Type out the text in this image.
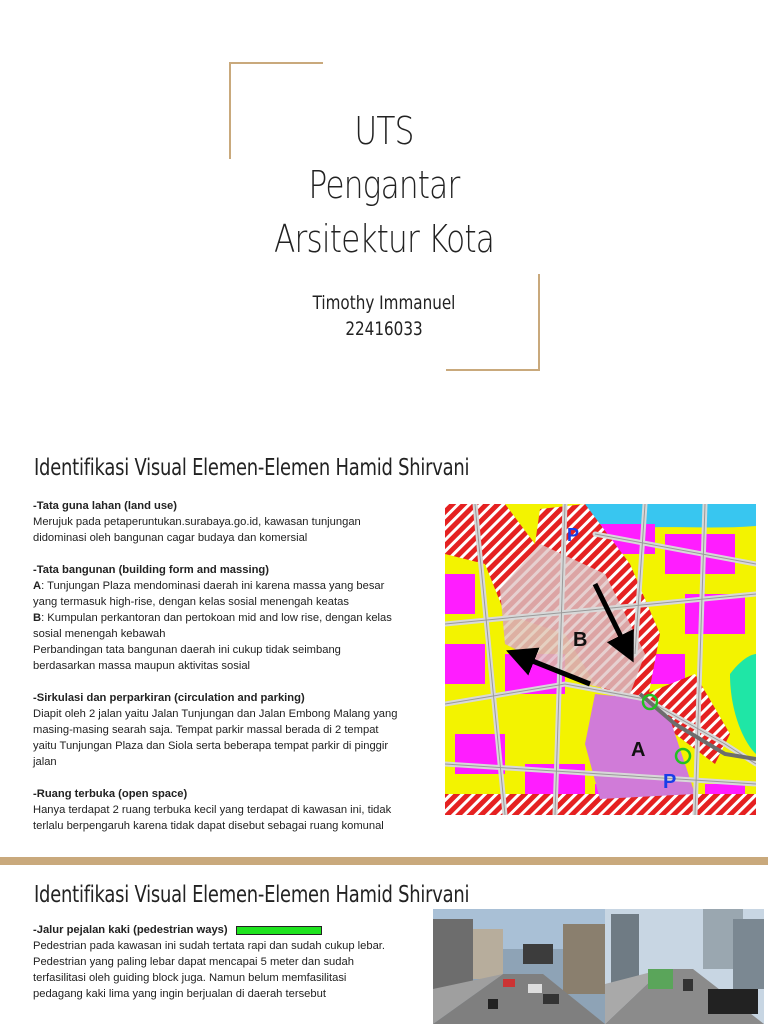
UTS
Pengantar
Arsitektur Kota
Timothy Immanuel
22416033
Identifikasi Visual Elemen-Elemen Hamid Shirvani
-Tata guna lahan (land use)
Merujuk pada petaperuntukan.surabaya.go.id, kawasan tunjungan
didominasi oleh bangunan cagar budaya dan komersial
-Tata bangunan (building form and massing)
A: Tunjungan Plaza mendominasi daerah ini karena massa yang besar
yang termasuk high-rise, dengan kelas sosial menengah keatas
B: Kumpulan perkantoran dan pertokoan mid and low rise, dengan kelas
sosial menengah kebawah
Perbandingan tata bangunan daerah ini cukup tidak seimbang
berdasarkan massa maupun aktivitas sosial
-Sirkulasi dan perparkiran (circulation and parking)
Diapit oleh 2 jalan yaitu Jalan Tunjungan dan Jalan Embong Malang yang
masing-masing searah saja. Tempat parkir massal berada di 2 tempat
yaitu Tunjungan Plaza dan Siola serta beberapa tempat parkir di pinggir
jalan
-Ruang terbuka (open space)
Hanya terdapat 2 ruang terbuka kecil yang terdapat di kawasan ini, tidak
terlalu berpengaruh karena tidak dapat disebut sebagai ruang komunal
B
A
P
P
Identifikasi Visual Elemen-Elemen Hamid Shirvani
-Jalur pejalan kaki (pedestrian ways)
Pedestrian pada kawasan ini sudah tertata rapi dan sudah cukup lebar.
Pedestrian yang paling lebar dapat mencapai 5 meter dan sudah
terfasilitasi oleh guiding block juga. Namun belum memfasilitasi
pedagang kaki lima yang ingin berjualan di daerah tersebut
